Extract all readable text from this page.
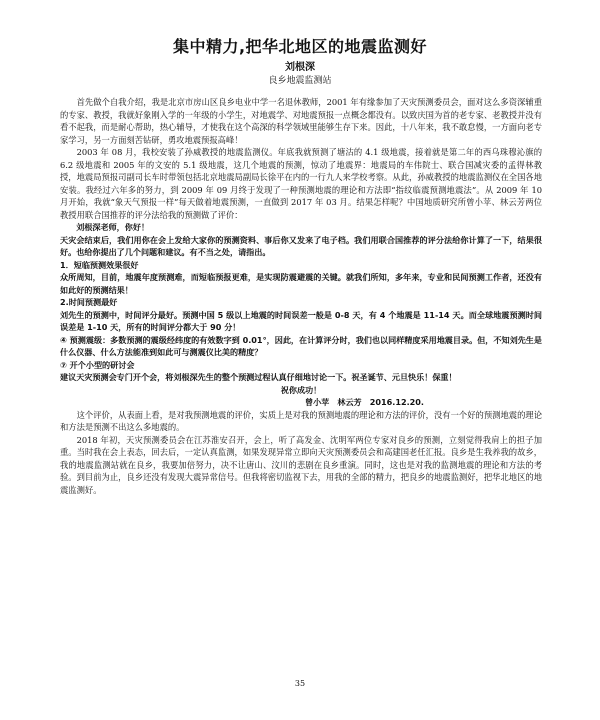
集中精力,把华北地区的地震监测好
刘根深
良乡地震监测站

首先做个自我介绍，我是北京市房山区良乡电业中学一名退休教师，2001 年有缘参加了天灾预测委员会，面对这么多资深辅重的专家、教授，我就好象刚入学的一年级的小学生，对地震学、对地震预报一点概念都没有。以致庆国为首的老专家、老教授并没有看不起我，而是耐心帮助，热心辅导，才使我在这个高深的科学领域里能够生存下来。因此，十八年来，我不敢怠慢，一方面向老专家学习，另一方面刻苦钻研，勇攻地震预报高峰！

2003 年 08 月，我校安装了孙威教授的地震监测仪。年底我就预测了塘沽的 4.1 级地震，接着就是第二年的西乌珠穆沁旗的 6.2 级地震和 2005 年的文安的 5.1 级地震，这几个地震的预测，惊动了地震界：地震局的车伟院士、联合国减灾委的孟得林教授，地震局预报司副司长车时带领包括北京地震局副局长徐平在内的一行九人来学校考察。从此，孙威教授的地震监测仪在全国各地安装。我经过六年多的努力，到 2009 年 09 月终于发现了一种预测地震的理论和方法即“指纹临震预测地震法”。从 2009 年 10 月开始，我就“象天气预报一样”每天做着地震预测，一直做到 2017 年 03 月。结果怎样呢？中国地质研究所曾小苹、林云芳两位教授用联合国推荐的评分法给我的预测做了评价：

刘根深老师，你好！

天灾会结束后，我们用你在会上发给大家你的预测资料、事后你又发来了电子档。我们用联合国推荐的评分法给你计算了一下，结果很好。也给你提出了几个问题和建议。有不当之处，请指出。

1．短临预测效果很好

众所周知，目前，地震年度预测难，而短临预报更难，是实现防震避震的关键。就我们所知，多年来，专业和民间预测工作者，还没有如此好的预测结果！

2.时间预测最好

刘先生的预测中，时间评分最好。预测中国 5 级以上地震的时间误差一般是 0-8 天，有 4 个地震是 11-14 天。而全球地震预测时间误差是 1-10 天，所有的时间评分都大于 90 分！

④ 预测震级：多数预测的震级经纬度的有效数字到 0.01°，因此，在计算评分时，我们也以同样精度采用地震目录。但，不知刘先生是什么仪器、什么方法能准到如此可与测震仪比美的精度？

⑦ 开个小型的研讨会

建议天灾预测会专门开个会，将刘根深先生的整个预测过程认真仔细地讨论一下。祝圣诞节、元旦快乐！保重！

祝你成功！

曾小苹　林云芳　2016.12.20.

这个评价，从表面上看，是对我预测地震的评价，实质上是对我的预测地震的理论和方法的评价，没有一个好的预测地震的理论和方法是预测不出这么多地震的。

2018 年初，天灾预测委员会在江苏淮安召开，会上，听了高发金、沈明军两位专家对良乡的预测，立刻觉得我肩上的担子加重。当时我在会上表态，回去后，一定认真监测，如果发现异常立即向天灾预测委员会和高建国老任汇报。良乡是生我养我的故乡，我的地震监测站就在良乡，我要加倍努力，决不让唐山、汶川的悲剧在良乡重演。同时，这也是对我的监测地震的理论和方法的考验。到目前为止，良乡还没有发现大震异常信号。但我将密切监视下去，用我的全部的精力，把良乡的地震监测好，把华北地区的地震监测好。

35
